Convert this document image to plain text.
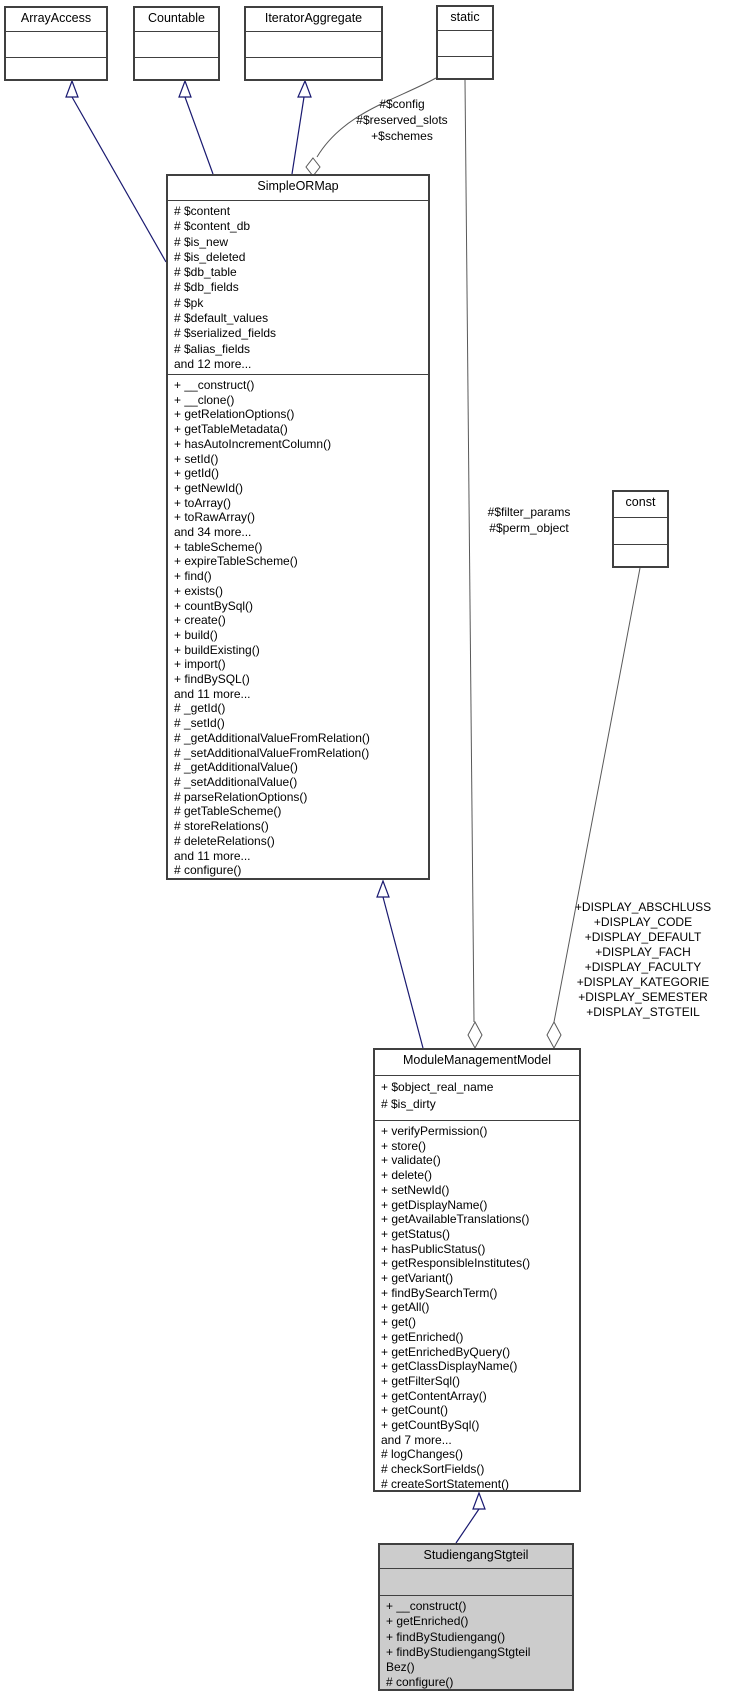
ArrayAccess	Countable	IteratorAggregate	static
const
SimpleORMap
# $content
# $content_db
# $is_new
# $is_deleted
# $db_table
# $db_fields
# $pk
# $default_values
# $serialized_fields
# $alias_fields
and 12 more...
+ __construct()
+ __clone()
+ getRelationOptions()
+ getTableMetadata()
+ hasAutoIncrementColumn()
+ setId()
+ getId()
+ getNewId()
+ toArray()
+ toRawArray()
and 34 more...
+ tableScheme()
+ expireTableScheme()
+ find()
+ exists()
+ countBySql()
+ create()
+ build()
+ buildExisting()
+ import()
+ findBySQL()
and 11 more...
# _getId()
# _setId()
# _getAdditionalValueFromRelation()
# _setAdditionalValueFromRelation()
# _getAdditionalValue()
# _setAdditionalValue()
# parseRelationOptions()
# getTableScheme()
# storeRelations()
# deleteRelations()
and 11 more...
# configure()
ModuleManagementModel
+ $object_real_name
# $is_dirty
+ verifyPermission()
+ store()
+ validate()
+ delete()
+ setNewId()
+ getDisplayName()
+ getAvailableTranslations()
+ getStatus()
+ hasPublicStatus()
+ getResponsibleInstitutes()
+ getVariant()
+ findBySearchTerm()
+ getAll()
+ get()
+ getEnriched()
+ getEnrichedByQuery()
+ getClassDisplayName()
+ getFilterSql()
+ getContentArray()
+ getCount()
+ getCountBySql()
and 7 more...
# logChanges()
# checkSortFields()
# createSortStatement()
StudiengangStgteil
+ __construct()
+ getEnriched()
+ findByStudiengang()
+ findByStudiengangStgteil
Bez()
# configure()
#$config
#$reserved_slots
+$schemes
#$filter_params
#$perm_object
+DISPLAY_ABSCHLUSS
+DISPLAY_CODE
+DISPLAY_DEFAULT
+DISPLAY_FACH
+DISPLAY_FACULTY
+DISPLAY_KATEGORIE
+DISPLAY_SEMESTER
+DISPLAY_STGTEIL
